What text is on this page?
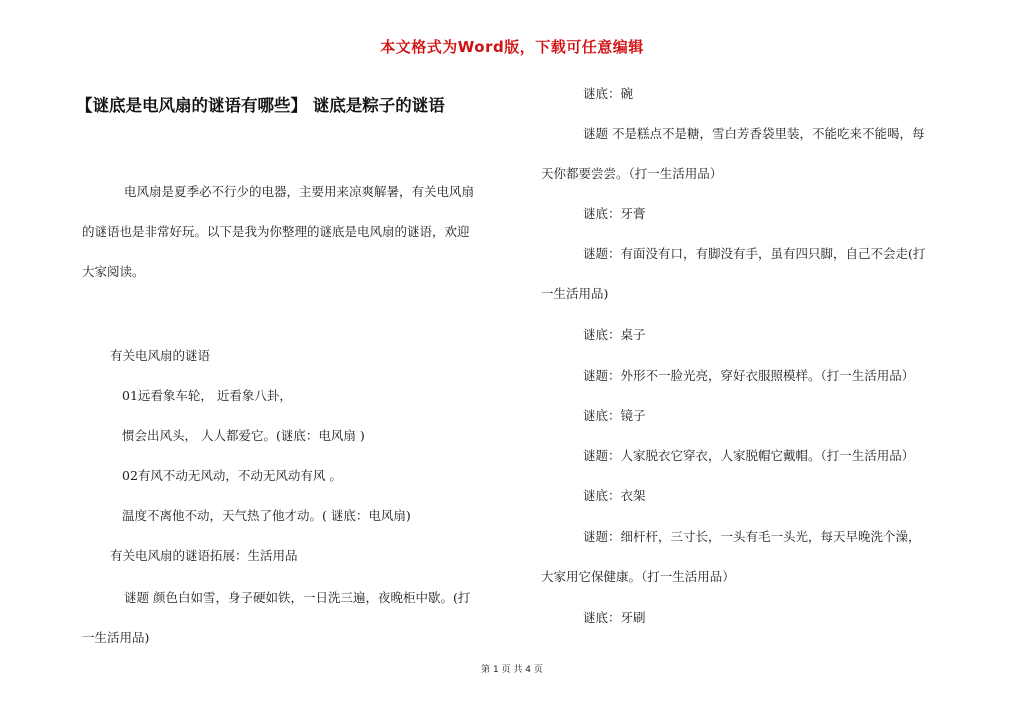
本文格式为Word版，下载可任意编辑
【谜底是电风扇的谜语有哪些】 谜底是粽子的谜语
电风扇是夏季必不行少的电器，主要用来凉爽解暑，有关电风扇
的谜语也是非常好玩。以下是我为你整理的谜底是电风扇的谜语，欢迎
大家阅读。
有关电风扇的谜语
01远看象车轮， 近看象八卦，
惯会出风头， 人人都爱它。(谜底：电风扇 )
02有风不动无风动，不动无风动有风 。
温度不离他不动，天气热了他才动。( 谜底：电风扇)
有关电风扇的谜语拓展：生活用品
谜题 颜色白如雪，身子硬如铁，一日洗三遍，夜晚柜中歇。(打
一生活用品)
谜底：碗
谜题 不是糕点不是糖，雪白芳香袋里装，不能吃来不能喝，每
天你都要尝尝。（打一生活用品）
谜底：牙膏
谜题：有面没有口，有脚没有手，虽有四只脚，自己不会走(打
一生活用品)
谜底：桌子
谜题：外形不一脸光亮，穿好衣服照模样。（打一生活用品）
谜底：镜子
谜题：人家脱衣它穿衣，人家脱帽它戴帽。（打一生活用品）
谜底：衣架
谜题：细杆杆，三寸长，一头有毛一头光，每天早晚洗个澡，
大家用它保健康。（打一生活用品）
谜底：牙刷
第 1 页 共 4 页
